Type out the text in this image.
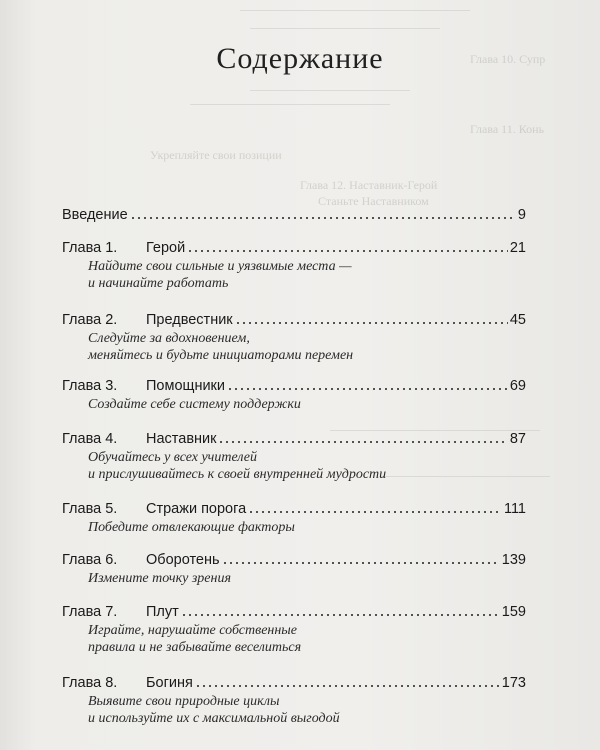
Глава 10. Супр
Глава 11. Конь
Укрепляйте свои позиции
Глава 12. Наставник-Герой
Станьте Наставником
Содержание
Введение	9
Глава 1.	Герой	21
Найдите свои сильные и уязвимые места —
и начинайте работать
Глава 2.	Предвестник	45
Следуйте за вдохновением,
меняйтесь и будьте инициаторами перемен
Глава 3.	Помощники	69
Создайте себе систему поддержки
Глава 4.	Наставник	87
Обучайтесь у всех учителей
и прислушивайтесь к своей внутренней мудрости
Глава 5.	Стражи порога	111
Победите отвлекающие факторы
Глава 6.	Оборотень	139
Измените точку зрения
Глава 7.	Плут	159
Играйте, нарушайте собственные
правила и не забывайте веселиться
Глава 8.	Богиня	173
Выявите свои природные циклы
и используйте их с максимальной выгодой
